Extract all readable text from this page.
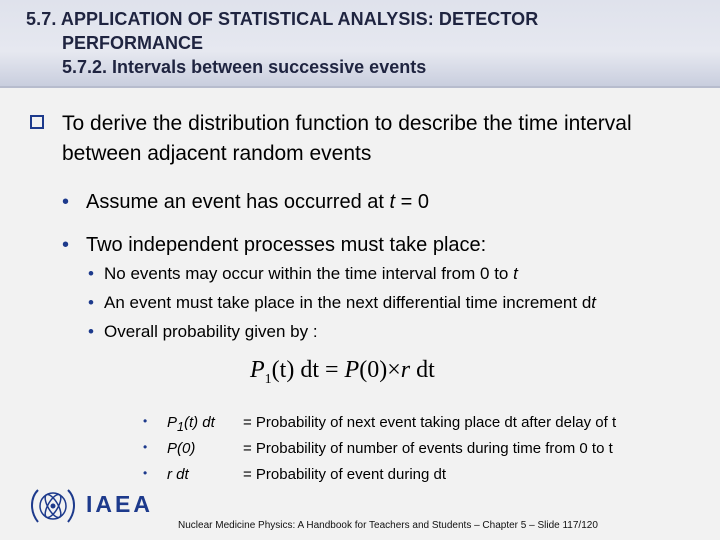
5.7. APPLICATION OF STATISTICAL ANALYSIS: DETECTOR
PERFORMANCE
5.7.2. Intervals between successive events
To derive the distribution function to describe the time interval between adjacent random events
• Assume an event has occurred at t = 0
• Two independent processes must take place:
• No events may occur within the time interval from 0 to t
• An event must take place in the next differential time increment dt
• Overall probability given by :
$P_1(t)$ dt = P(0)×r dt
• $P_1(t)$ dt = Probability of next event taking place dt after delay of t
• P(0)	= Probability of number of events during time from 0 to t
• r dt	= Probability of event during dt
IAEA
Nuclear Medicine Physics: A Handbook for Teachers and Students – Chapter 5 – Slide 117/120
